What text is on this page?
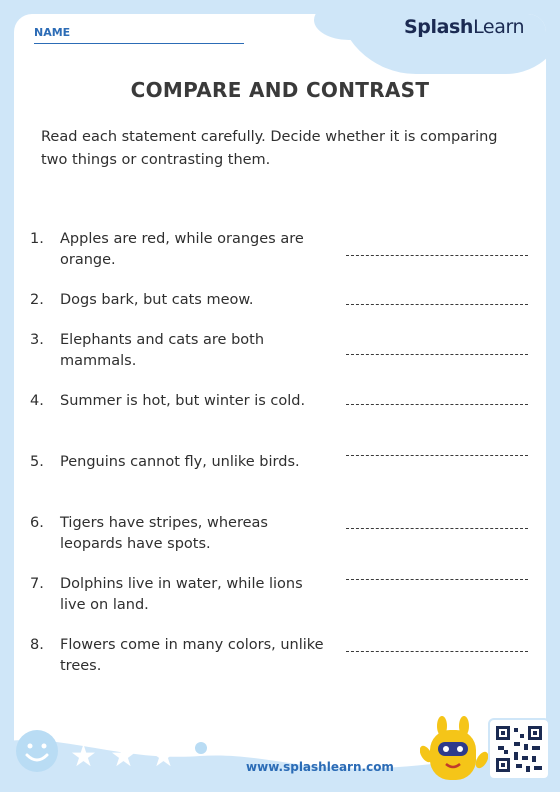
SplashLearn
NAME
COMPARE AND CONTRAST
Read each statement carefully. Decide whether it is comparing two things or contrasting them.
1.	Apples are red, while oranges are orange.
2.	Dogs bark, but cats meow.
3.	Elephants and cats are both mammals.
4.	Summer is hot, but winter is cold.
5.	Penguins cannot fly, unlike birds.
6.	Tigers have stripes, whereas leopards have spots.
7.	Dolphins live in water, while lions live on land.
8.	Flowers come in many colors, unlike trees.
★ ★ ★	www.splashlearn.com
